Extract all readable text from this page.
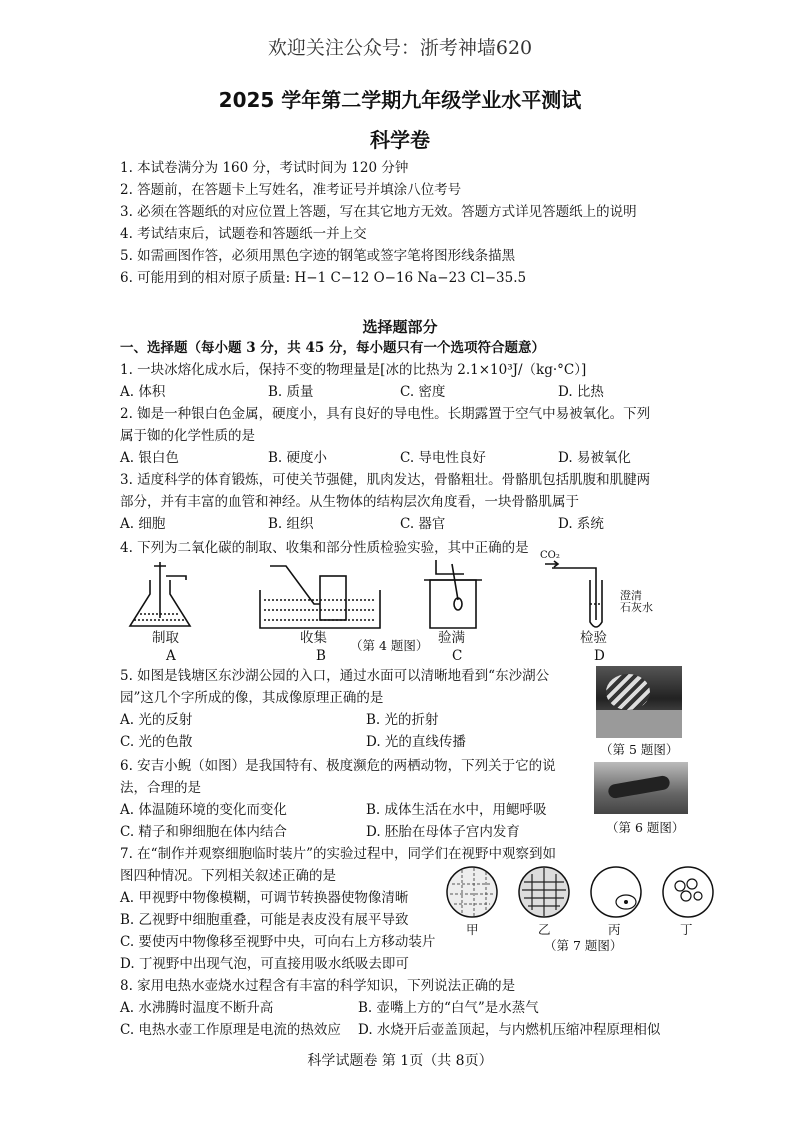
欢迎关注公众号：浙考神墙620
2025 学年第二学期九年级学业水平测试
科学卷
1. 本试卷满分为 160 分，考试时间为 120 分钟
2. 答题前，在答题卡上写姓名，准考证号并填涂八位考号
3. 必须在答题纸的对应位置上答题，写在其它地方无效。答题方式详见答题纸上的说明
4. 考试结束后，试题卷和答题纸一并上交
5. 如需画图作答，必须用黑色字迹的钢笔或签字笔将图形线条描黑
6. 可能用到的相对原子质量: H−1 C−12 O−16 Na−23 Cl−35.5
选择题部分
一、选择题（每小题 3 分，共 45 分，每小题只有一个选项符合题意）
1. 一块冰熔化成水后，保持不变的物理量是[冰的比热为 2.1×10³J/（kg·°C）]
A. 体积	B. 质量	C. 密度	D. 比热
2. 铷是一种银白色金属，硬度小，具有良好的导电性。长期露置于空气中易被氧化。下列
属于铷的化学性质的是
A. 银白色	B. 硬度小	C. 导电性良好	D. 易被氧化
3. 适度科学的体育锻炼，可使关节强健，肌肉发达，骨骼粗壮。骨骼肌包括肌腹和肌腱两
部分，并有丰富的血管和神经。从生物体的结构层次角度看，一块骨骼肌属于
A. 细胞	B. 组织	C. 器官	D. 系统
4. 下列为二氧化碳的制取、收集和部分性质检验实验，其中正确的是 CO₂
澄清
石灰水
制取	收集	验满	检验
（第 4 题图）
A	B	C	D
5. 如图是钱塘区东沙湖公园的入口，通过水面可以清晰地看到“东沙湖公
园”这几个字所成的像，其成像原理正确的是
A. 光的反射	B. 光的折射
C. 光的色散	D. 光的直线传播	（第 5 题图）
6. 安吉小鲵（如图）是我国特有、极度濒危的两栖动物，下列关于它的说
法，合理的是
A. 体温随环境的变化而变化	B. 成体生活在水中，用鳃呼吸
C. 精子和卵细胞在体内结合	D. 胚胎在母体子宫内发育	（第 6 题图）
7. 在“制作并观察细胞临时装片”的实验过程中，同学们在视野中观察到如
图四种情况。下列相关叙述正确的是
A. 甲视野中物像模糊，可调节转换器使物像清晰
B. 乙视野中细胞重叠，可能是表皮没有展平导致
C. 要使丙中物像移至视野中央，可向右上方移动装片
D. 丁视野中出现气泡，可直接用吸水纸吸去即可
甲	乙	丙	丁
（第 7 题图）
8. 家用电热水壶烧水过程含有丰富的科学知识，下列说法正确的是
A. 水沸腾时温度不断升高	B. 壶嘴上方的“白气”是水蒸气
C. 电热水壶工作原理是电流的热效应 D. 水烧开后壶盖顶起，与内燃机压缩冲程原理相似
科学试题卷 第 1页（共 8页）
